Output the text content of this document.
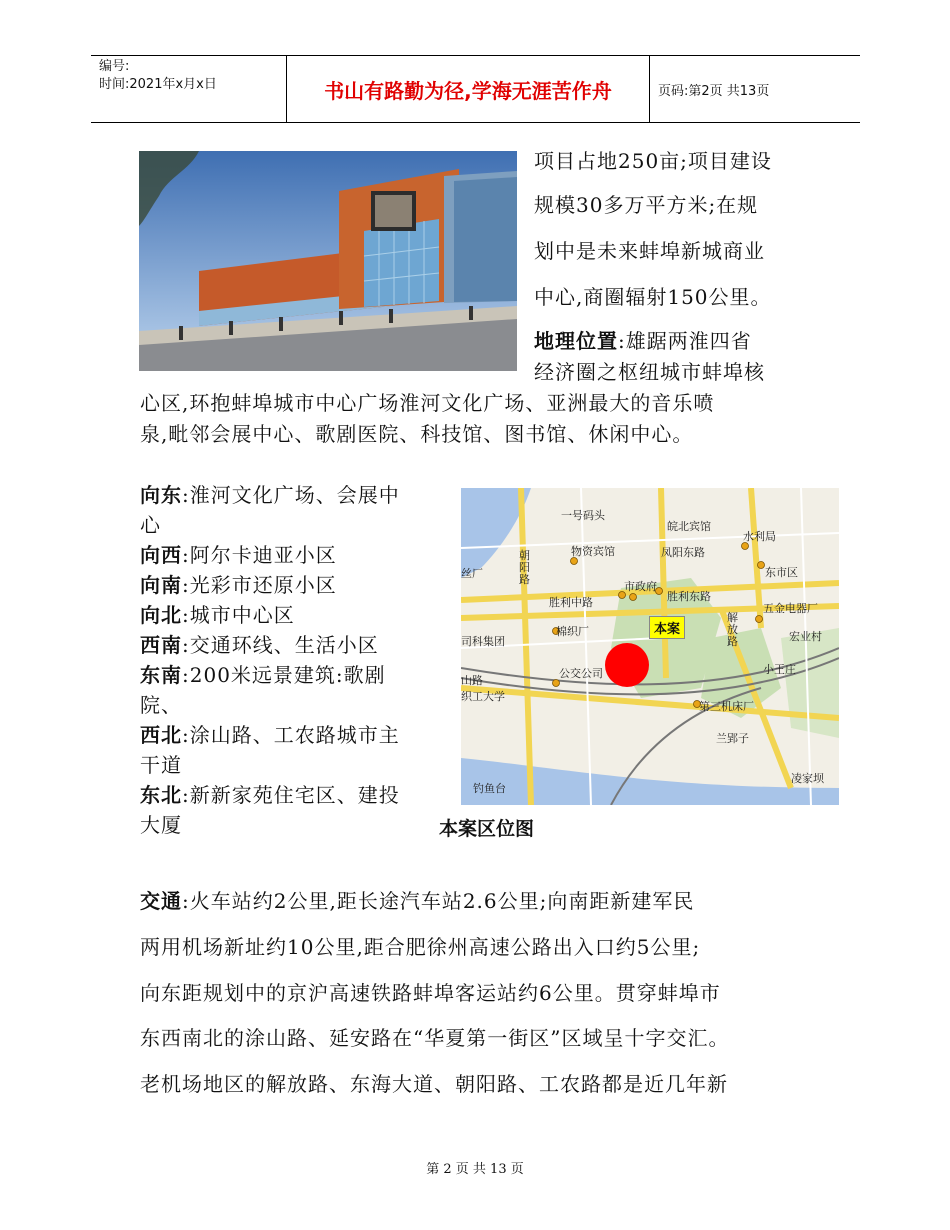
编号:
时间:2021年x月x日	书山有路勤为径,学海无涯苦作舟	页码:第2页 共13页
项目占地250亩;项目建设
规模30多万平方米;在规
划中是未来蚌埠新城商业
中心,商圈辐射150公里。
地理位置:雄踞两淮四省
经济圈之枢纽城市蚌埠核
心区,环抱蚌埠城市中心广场淮河文化广场、亚洲最大的音乐喷
泉,毗邻会展中心、歌剧医院、科技馆、图书馆、休闲中心。
向东:淮河文化广场、会展中
心
向西:阿尔卡迪亚小区
向南:光彩市还原小区
向北:城市中心区
西南:交通环线、生活小区
东南:200米远景建筑:歌剧
院、
西北:涂山路、工农路城市主
干道
东北:新新家苑住宅区、建投
大厦
一号码头
皖北宾馆
水利局
物资宾馆	凤阳东路
朝阳路
东市区
市政府
胜利中路	胜利东路
五金电器厂
棉织厂
解放路	宏业村
小王庄
公交公司
第三机床厂
兰郢子
凌家坝
钓鱼台
丝厂
司科集团
山路
织工大学
本案
本案区位图
交通:火车站约2公里,距长途汽车站2.6公里;向南距新建军民
两用机场新址约10公里,距合肥徐州高速公路出入口约5公里;
向东距规划中的京沪高速铁路蚌埠客运站约6公里。贯穿蚌埠市
东西南北的涂山路、延安路在“华夏第一街区”区域呈十字交汇。
老机场地区的解放路、东海大道、朝阳路、工农路都是近几年新
第 2 页 共 13 页
